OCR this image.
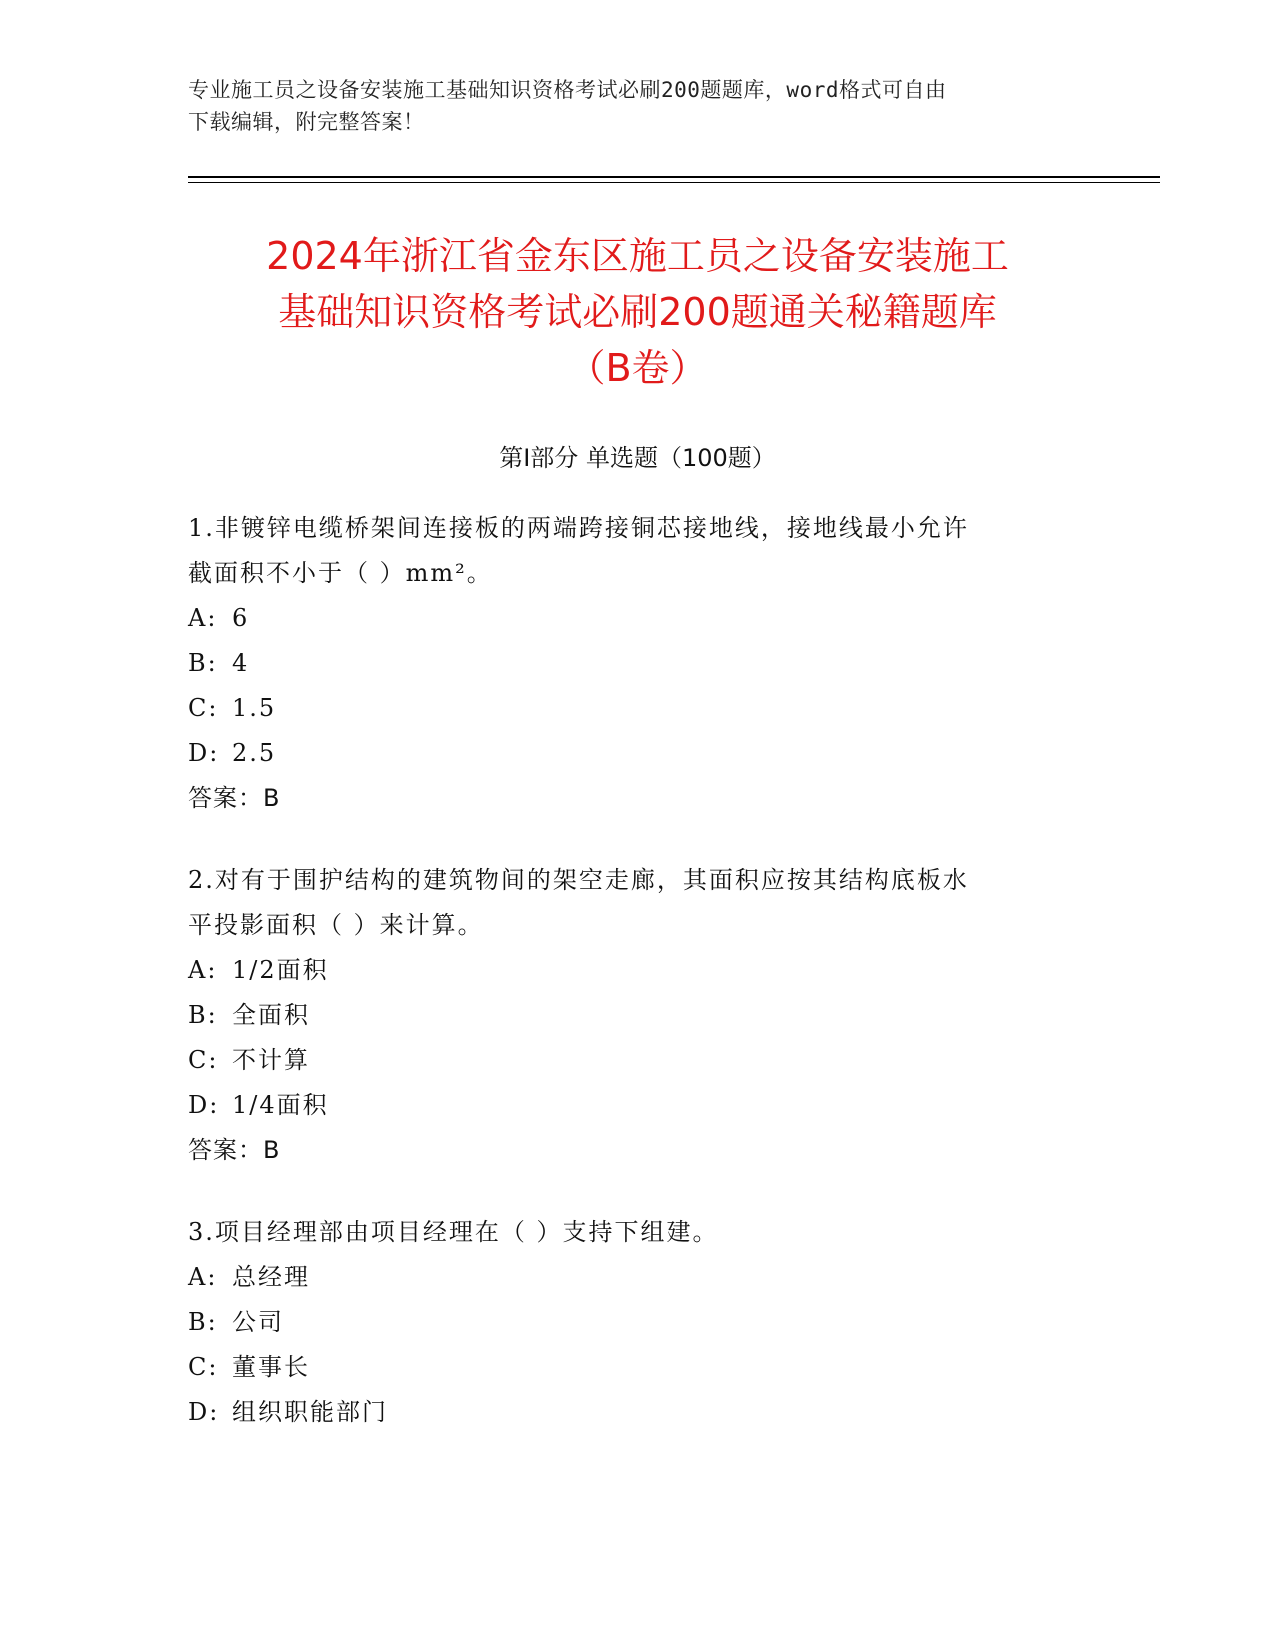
专业施工员之设备安装施工基础知识资格考试必刷200题题库，word格式可自由
下载编辑，附完整答案！
2024年浙江省金东区施工员之设备安装施工
基础知识资格考试必刷200题通关秘籍题库
（B卷）
第Ⅰ部分 单选题（100题）

1.非镀锌电缆桥架间连接板的两端跨接铜芯接地线，接地线最小允许
截面积不小于（ ）mm²。

A: 6

B: 4

C: 1.5

D: 2.5

答案：B

2.对有于围护结构的建筑物间的架空走廊，其面积应按其结构底板水
平投影面积（ ）来计算。

A: 1/2面积

B: 全面积

C: 不计算

D: 1/4面积

答案：B

3.项目经理部由项目经理在（ ）支持下组建。

A: 总经理

B: 公司

C: 董事长

D: 组织职能部门
